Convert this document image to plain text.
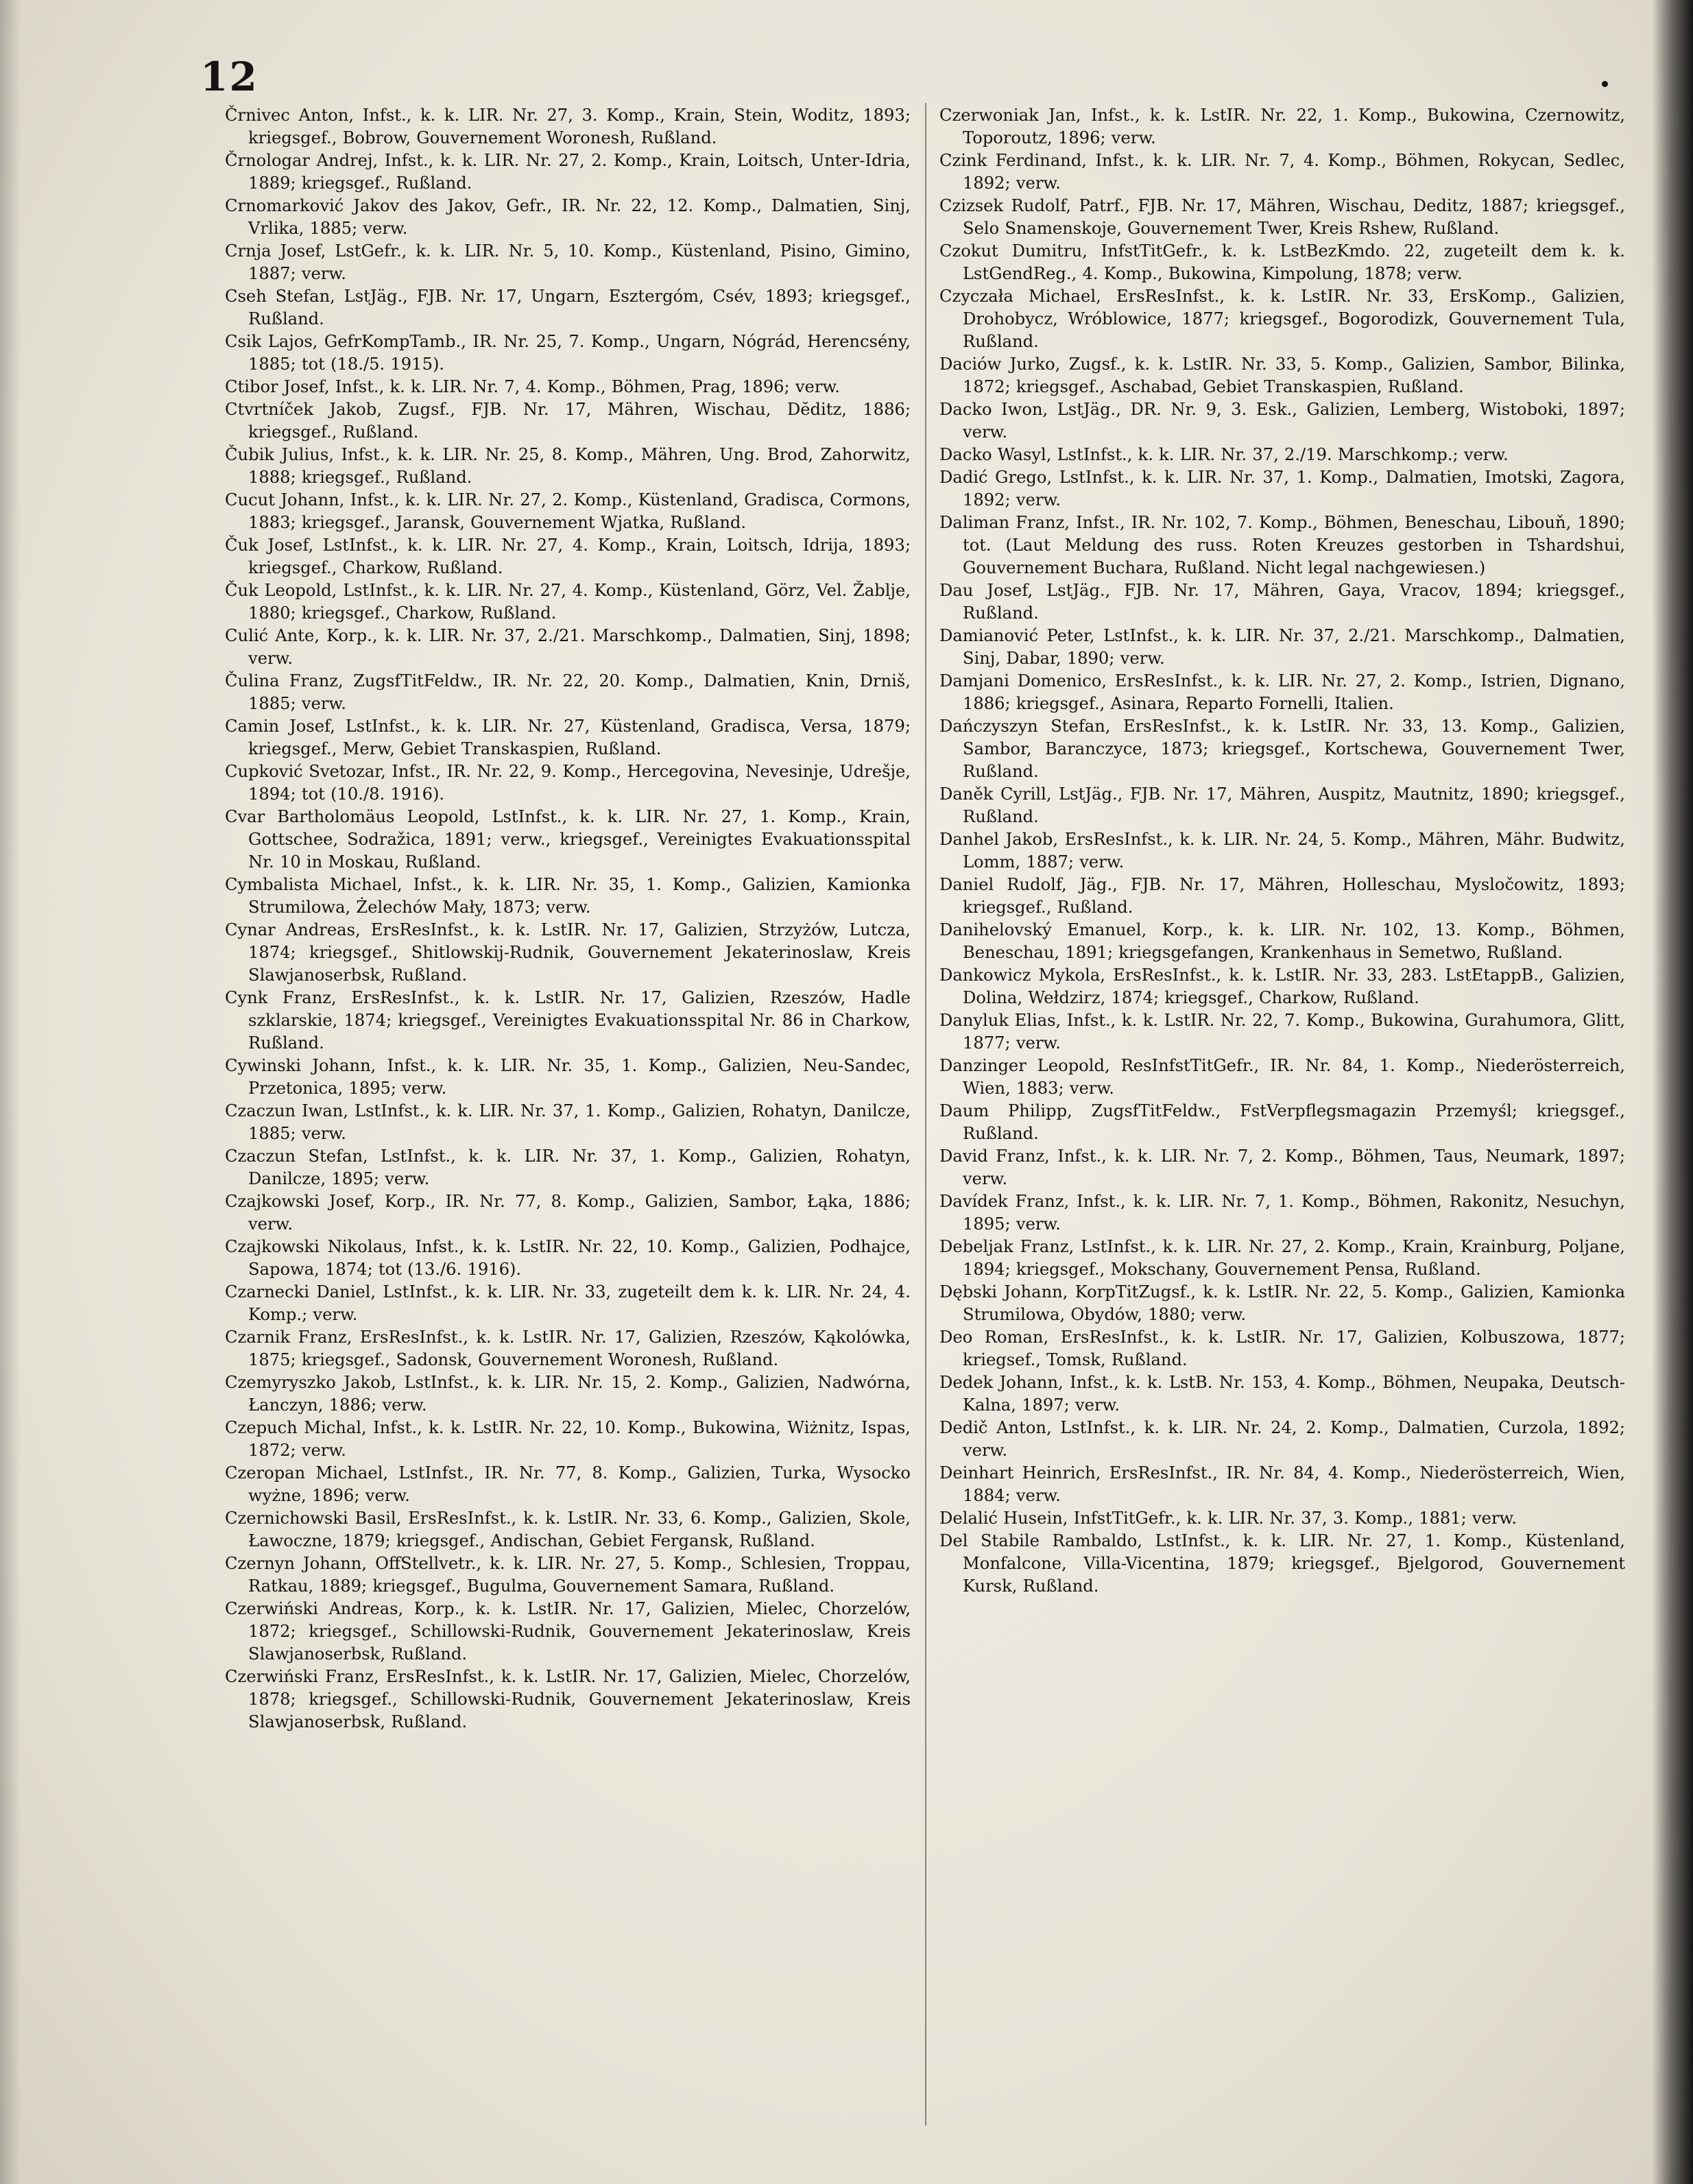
12

Črnivec Anton, Infst., k. k. LIR. Nr. 27, 3. Komp., Krain, Stein, Woditz, 1893; kriegsgef., Bobrow, Gouvernement Woronesh, Rußland.

Črnologar Andrej, Infst., k. k. LIR. Nr. 27, 2. Komp., Krain, Loitsch, Unter-Idria, 1889; kriegsgef., Rußland.

Crnomarković Jakov des Jakov, Gefr., IR. Nr. 22, 12. Komp., Dalmatien, Sinj, Vrlika, 1885; verw.

Crnja Josef, LstGefr., k. k. LIR. Nr. 5, 10. Komp., Küstenland, Pisino, Gimino, 1887; verw.

Cseh Stefan, LstJäg., FJB. Nr. 17, Ungarn, Esztergóm, Csév, 1893; kriegsgef., Rußland.

Csik Lajos, GefrKompTamb., IR. Nr. 25, 7. Komp., Ungarn, Nógrád, Herencsény, 1885; tot (18./5. 1915).

Ctibor Josef, Infst., k. k. LIR. Nr. 7, 4. Komp., Böhmen, Prag, 1896; verw.

Ctvrtníček Jakob, Zugsf., FJB. Nr. 17, Mähren, Wischau, Dĕditz, 1886; kriegsgef., Rußland.

Čubik Julius, Infst., k. k. LIR. Nr. 25, 8. Komp., Mähren, Ung. Brod, Zahorwitz, 1888; kriegsgef., Rußland.

Cucut Johann, Infst., k. k. LIR. Nr. 27, 2. Komp., Küstenland, Gradisca, Cormons, 1883; kriegsgef., Jaransk, Gouvernement Wjatka, Rußland.

Čuk Josef, LstInfst., k. k. LIR. Nr. 27, 4. Komp., Krain, Loitsch, Idrija, 1893; kriegsgef., Charkow, Rußland.

Čuk Leopold, LstInfst., k. k. LIR. Nr. 27, 4. Komp., Küstenland, Görz, Vel. Žablje, 1880; kriegsgef., Charkow, Rußland.

Culić Ante, Korp., k. k. LIR. Nr. 37, 2./21. Marschkomp., Dalmatien, Sinj, 1898; verw.

Čulina Franz, ZugsfTitFeldw., IR. Nr. 22, 20. Komp., Dalmatien, Knin, Drniš, 1885; verw.

Camin Josef, LstInfst., k. k. LIR. Nr. 27, Küstenland, Gradisca, Versa, 1879; kriegsgef., Merw, Gebiet Transkaspien, Rußland.

Cupković Svetozar, Infst., IR. Nr. 22, 9. Komp., Hercegovina, Nevesinje, Udrešje, 1894; tot (10./8. 1916).

Cvar Bartholomäus Leopold, LstInfst., k. k. LIR. Nr. 27, 1. Komp., Krain, Gottschee, Sodražica, 1891; verw., kriegsgef., Vereinigtes Evakuationsspital Nr. 10 in Moskau, Rußland.

Cymbalista Michael, Infst., k. k. LIR. Nr. 35, 1. Komp., Galizien, Kamionka Strumilowa, Żelechów Mały, 1873; verw.

Cynar Andreas, ErsResInfst., k. k. LstIR. Nr. 17, Galizien, Strzyżów, Lutcza, 1874; kriegsgef., Shitlowskij-Rudnik, Gouvernement Jekaterinoslaw, Kreis Slawjanoserbsk, Rußland.

Cynk Franz, ErsResInfst., k. k. LstIR. Nr. 17, Galizien, Rzeszów, Hadle szklarskie, 1874; kriegsgef., Vereinigtes Evakuationsspital Nr. 86 in Charkow, Rußland.

Cywinski Johann, Infst., k. k. LIR. Nr. 35, 1. Komp., Galizien, Neu-Sandec, Przetonica, 1895; verw.

Czaczun Iwan, LstInfst., k. k. LIR. Nr. 37, 1. Komp., Galizien, Rohatyn, Danilcze, 1885; verw.

Czaczun Stefan, LstInfst., k. k. LIR. Nr. 37, 1. Komp., Galizien, Rohatyn, Danilcze, 1895; verw.

Czajkowski Josef, Korp., IR. Nr. 77, 8. Komp., Galizien, Sambor, Łąka, 1886; verw.

Czajkowski Nikolaus, Infst., k. k. LstIR. Nr. 22, 10. Komp., Galizien, Podhajce, Sapowa, 1874; tot (13./6. 1916).

Czarnecki Daniel, LstInfst., k. k. LIR. Nr. 33, zugeteilt dem k. k. LIR. Nr. 24, 4. Komp.; verw.

Czarnik Franz, ErsResInfst., k. k. LstIR. Nr. 17, Galizien, Rzeszów, Kąkolówka, 1875; kriegsgef., Sadonsk, Gouvernement Woronesh, Rußland.

Czemyryszko Jakob, LstInfst., k. k. LIR. Nr. 15, 2. Komp., Galizien, Nadwórna, Łanczyn, 1886; verw.

Czepuch Michal, Infst., k. k. LstIR. Nr. 22, 10. Komp., Bukowina, Wiżnitz, Ispas, 1872; verw.

Czeropan Michael, LstInfst., IR. Nr. 77, 8. Komp., Galizien, Turka, Wysocko wyżne, 1896; verw.

Czernichowski Basil, ErsResInfst., k. k. LstIR. Nr. 33, 6. Komp., Galizien, Skole, Ławoczne, 1879; kriegsgef., Andischan, Gebiet Fergansk, Rußland.

Czernyn Johann, OffStellvetr., k. k. LIR. Nr. 27, 5. Komp., Schlesien, Troppau, Ratkau, 1889; kriegsgef., Bugulma, Gouvernement Samara, Rußland.

Czerwiński Andreas, Korp., k. k. LstIR. Nr. 17, Galizien, Mielec, Chorzelów, 1872; kriegsgef., Schillowski-Rudnik, Gouvernement Jekaterinoslaw, Kreis Slawjanoserbsk, Rußland.

Czerwiński Franz, ErsResInfst., k. k. LstIR. Nr. 17, Galizien, Mielec, Chorzelów, 1878; kriegsgef., Schillowski-Rudnik, Gouvernement Jekaterinoslaw, Kreis Slawjanoserbsk, Rußland.

Czerwoniak Jan, Infst., k. k. LstIR. Nr. 22, 1. Komp., Bukowina, Czernowitz, Toporoutz, 1896; verw.

Czink Ferdinand, Infst., k. k. LIR. Nr. 7, 4. Komp., Böhmen, Rokycan, Sedlec, 1892; verw.

Czizsek Rudolf, Patrf., FJB. Nr. 17, Mähren, Wischau, Deditz, 1887; kriegsgef., Selo Snamenskoje, Gouvernement Twer, Kreis Rshew, Rußland.

Czokut Dumitru, InfstTitGefr., k. k. LstBezKmdo. 22, zugeteilt dem k. k. LstGendReg., 4. Komp., Bukowina, Kimpolung, 1878; verw.

Czyczała Michael, ErsResInfst., k. k. LstIR. Nr. 33, ErsKomp., Galizien, Drohobycz, Wróblowice, 1877; kriegsgef., Bogorodizk, Gouvernement Tula, Rußland.

Daciów Jurko, Zugsf., k. k. LstIR. Nr. 33, 5. Komp., Galizien, Sambor, Bilinka, 1872; kriegsgef., Aschabad, Gebiet Transkaspien, Rußland.

Dacko Iwon, LstJäg., DR. Nr. 9, 3. Esk., Galizien, Lemberg, Wistoboki, 1897; verw.

Dacko Wasyl, LstInfst., k. k. LIR. Nr. 37, 2./19. Marschkomp.; verw.

Dadić Grego, LstInfst., k. k. LIR. Nr. 37, 1. Komp., Dalmatien, Imotski, Zagora, 1892; verw.

Daliman Franz, Infst., IR. Nr. 102, 7. Komp., Böhmen, Beneschau, Libouň, 1890; tot. (Laut Meldung des russ. Roten Kreuzes gestorben in Tshardshui, Gouvernement Buchara, Rußland. Nicht legal nachgewiesen.)

Dau Josef, LstJäg., FJB. Nr. 17, Mähren, Gaya, Vracov, 1894; kriegsgef., Rußland.

Damianović Peter, LstInfst., k. k. LIR. Nr. 37, 2./21. Marschkomp., Dalmatien, Sinj, Dabar, 1890; verw.

Damjani Domenico, ErsResInfst., k. k. LIR. Nr. 27, 2. Komp., Istrien, Dignano, 1886; kriegsgef., Asinara, Reparto Fornelli, Italien.

Dańczyszyn Stefan, ErsResInfst., k. k. LstIR. Nr. 33, 13. Komp., Galizien, Sambor, Baranczyce, 1873; kriegsgef., Kortschewa, Gouvernement Twer, Rußland.

Daněk Cyrill, LstJäg., FJB. Nr. 17, Mähren, Auspitz, Mautnitz, 1890; kriegsgef., Rußland.

Danhel Jakob, ErsResInfst., k. k. LIR. Nr. 24, 5. Komp., Mähren, Mähr. Budwitz, Lomm, 1887; verw.

Daniel Rudolf, Jäg., FJB. Nr. 17, Mähren, Holleschau, Mysločowitz, 1893; kriegsgef., Rußland.

Danihelovský Emanuel, Korp., k. k. LIR. Nr. 102, 13. Komp., Böhmen, Beneschau, 1891; kriegsgefangen, Krankenhaus in Semetwo, Rußland.

Dankowicz Mykola, ErsResInfst., k. k. LstIR. Nr. 33, 283. LstEtappB., Galizien, Dolina, Wełdzirz, 1874; kriegsgef., Charkow, Rußland.

Danyluk Elias, Infst., k. k. LstIR. Nr. 22, 7. Komp., Bukowina, Gurahumora, Glitt, 1877; verw.

Danzinger Leopold, ResInfstTitGefr., IR. Nr. 84, 1. Komp., Niederösterreich, Wien, 1883; verw.

Daum Philipp, ZugsfTitFeldw., FstVerpflegsmagazin Przemyśl; kriegsgef., Rußland.

David Franz, Infst., k. k. LIR. Nr. 7, 2. Komp., Böhmen, Taus, Neumark, 1897; verw.

Davídek Franz, Infst., k. k. LIR. Nr. 7, 1. Komp., Böhmen, Rakonitz, Nesuchyn, 1895; verw.

Debeljak Franz, LstInfst., k. k. LIR. Nr. 27, 2. Komp., Krain, Krainburg, Poljane, 1894; kriegsgef., Mokschany, Gouvernement Pensa, Rußland.

Dębski Johann, KorpTitZugsf., k. k. LstIR. Nr. 22, 5. Komp., Galizien, Kamionka Strumilowa, Obydów, 1880; verw.

Deo Roman, ErsResInfst., k. k. LstIR. Nr. 17, Galizien, Kolbuszowa, 1877; kriegsef., Tomsk, Rußland.

Dedek Johann, Infst., k. k. LstB. Nr. 153, 4. Komp., Böhmen, Neupaka, Deutsch-Kalna, 1897; verw.

Dedič Anton, LstInfst., k. k. LIR. Nr. 24, 2. Komp., Dalmatien, Curzola, 1892; verw.

Deinhart Heinrich, ErsResInfst., IR. Nr. 84, 4. Komp., Niederösterreich, Wien, 1884; verw.

Delalić Husein, InfstTitGefr., k. k. LIR. Nr. 37, 3. Komp., 1881; verw.

Del Stabile Rambaldo, LstInfst., k. k. LIR. Nr. 27, 1. Komp., Küstenland, Monfalcone, Villa-Vicentina, 1879; kriegsgef., Bjelgorod, Gouvernement Kursk, Rußland.
